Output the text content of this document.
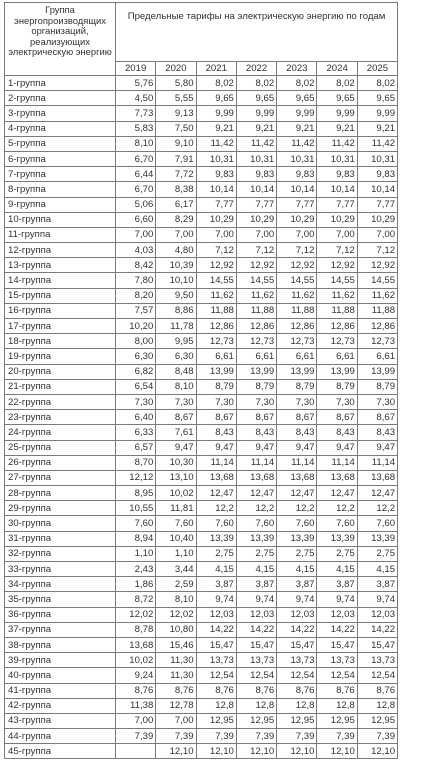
Группа энергопроизводящих организаций, реализующих электрическую энергию	Предельные тарифы на электрическую энергию по годам						
	2019	2020	2021	2022	2023	2024	2025
1-группа	5,76	5,80	8,02	8,02	8,02	8,02	8,02
2-группа	4,50	5,55	9,65	9,65	9,65	9,65	9,65
3-группа	7,73	9,13	9,99	9,99	9,99	9,99	9,99
4-группа	5,83	7,50	9,21	9,21	9,21	9,21	9,21
5-группа	8,10	9,10	11,42	11,42	11,42	11,42	11,42
6-группа	6,70	7,91	10,31	10,31	10,31	10,31	10,31
7-группа	6,44	7,72	9,83	9,83	9,83	9,83	9,83
8-группа	6,70	8,38	10,14	10,14	10,14	10,14	10,14
9-группа	5,06	6,17	7,77	7,77	7,77	7,77	7,77
10-группа	6,60	8,29	10,29	10,29	10,29	10,29	10,29
11-группа	7,00	7,00	7,00	7,00	7,00	7,00	7,00
12-группа	4,03	4,80	7,12	7,12	7,12	7,12	7,12
13-группа	8,42	10,39	12,92	12,92	12,92	12,92	12,92
14-группа	7,80	10,10	14,55	14,55	14,55	14,55	14,55
15-группа	8,20	9,50	11,62	11,62	11,62	11,62	11,62
16-группа	7,57	8,86	11,88	11,88	11,88	11,88	11,88
17-группа	10,20	11,78	12,86	12,86	12,86	12,86	12,86
18-группа	8,00	9,95	12,73	12,73	12,73	12,73	12,73
19-группа	6,30	6,30	6,61	6,61	6,61	6,61	6,61
20-группа	6,82	8,48	13,99	13,99	13,99	13,99	13,99
21-группа	6,54	8,10	8,79	8,79	8,79	8,79	8,79
22-группа	7,30	7,30	7,30	7,30	7,30	7,30	7,30
23-группа	6,40	8,67	8,67	8,67	8,67	8,67	8,67
24-группа	6,33	7,61	8,43	8,43	8,43	8,43	8,43
25-группа	6,57	9,47	9,47	9,47	9,47	9,47	9,47
26-группа	8,70	10,30	11,14	11,14	11,14	11,14	11,14
27-группа	12,12	13,10	13,68	13,68	13,68	13,68	13,68
28-группа	8,95	10,02	12,47	12,47	12,47	12,47	12,47
29-группа	10,55	11,81	12,2	12,2	12,2	12,2	12,2
30-группа	7,60	7,60	7,60	7,60	7,60	7,60	7,60
31-группа	8,94	10,40	13,39	13,39	13,39	13,39	13,39
32-группа	1,10	1,10	2,75	2,75	2,75	2,75	2,75
33-группа	2,43	3,44	4,15	4,15	4,15	4,15	4,15
34-группа	1,86	2,59	3,87	3,87	3,87	3,87	3,87
35-группа	8,72	8,10	9,74	9,74	9,74	9,74	9,74
36-группа	12,02	12,02	12,03	12,03	12,03	12,03	12,03
37-группа	8,78	10,80	14,22	14,22	14,22	14,22	14,22
38-группа	13,68	15,46	15,47	15,47	15,47	15,47	15,47
39-группа	10,02	11,30	13,73	13,73	13,73	13,73	13,73
40-группа	9,24	11,30	12,54	12,54	12,54	12,54	12,54
41-группа	8,76	8,76	8,76	8,76	8,76	8,76	8,76
42-группа	11,38	12,78	12,8	12,8	12,8	12,8	12,8
43-группа	7,00	7,00	12,95	12,95	12,95	12,95	12,95
44-группа	7,39	7,39	7,39	7,39	7,39	7,39	7,39
45-группа		12,10	12,10	12,10	12,10	12,10	12,10
